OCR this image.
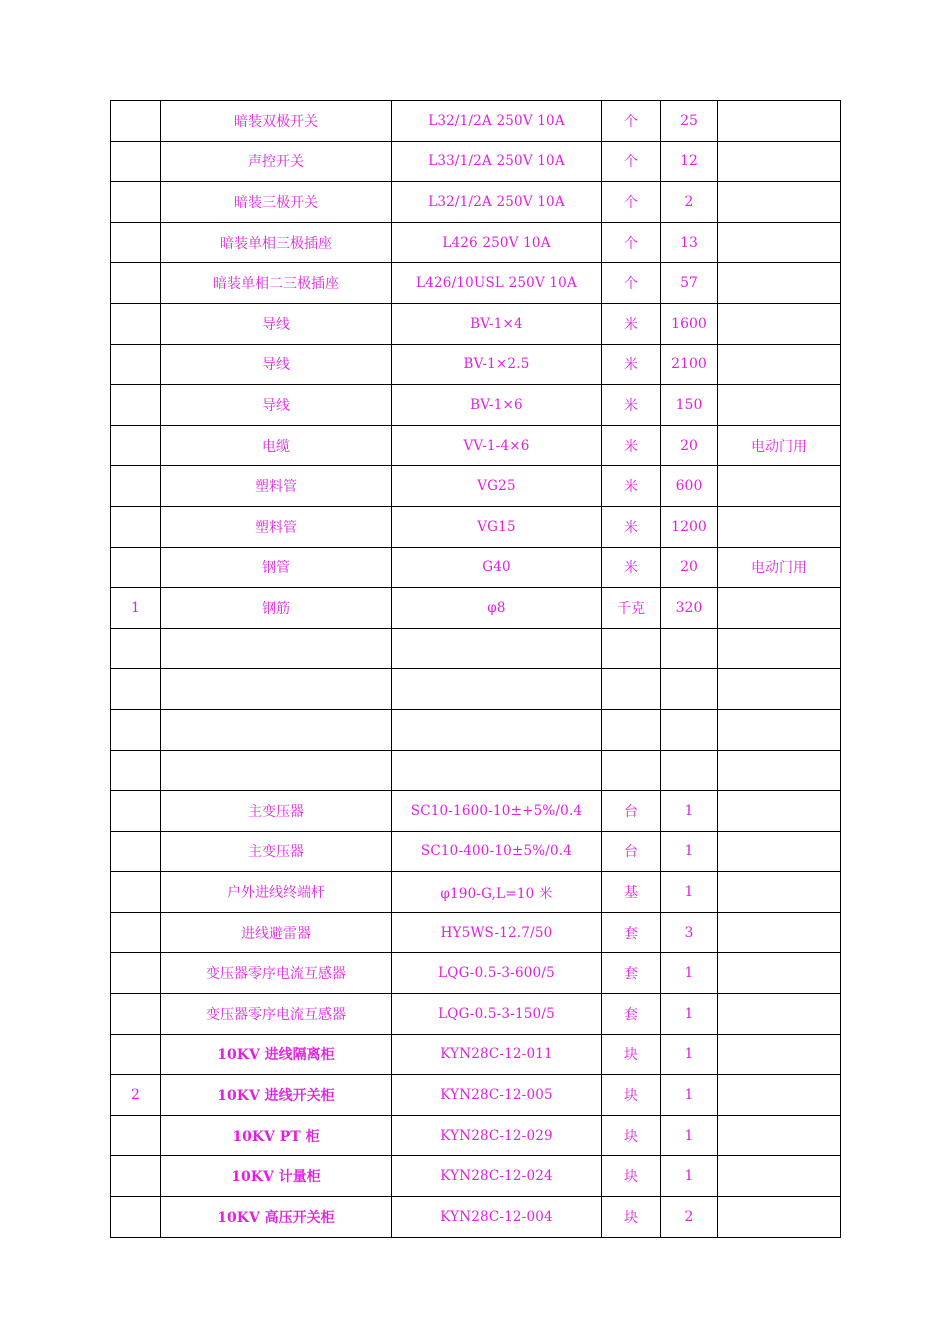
	暗装双极开关	L32/1/2A 250V 10A	个	25	
	声控开关	L33/1/2A 250V 10A	个	12	
	暗装三极开关	L32/1/2A 250V 10A	个	2	
	暗装单相三极插座	L426 250V 10A	个	13	
	暗装单相二三极插座	L426/10USL 250V 10A	个	57	
	导线	BV-1×4	米	1600	
	导线	BV-1×2.5	米	2100	
	导线	BV-1×6	米	150	
	电缆	VV-1-4×6	米	20	电动门用
	塑料管	VG25	米	600	
	塑料管	VG15	米	1200	
	钢管	G40	米	20	电动门用
1	钢筋	φ8	千克	320	

	主变压器	SC10-1600-10±+5%/0.4	台	1	
	主变压器	SC10-400-10±5%/0.4	台	1	
	户外进线终端杆	φ190-G,L=10 米	基	1	
	进线避雷器	HY5WS-12.7/50	套	3	
	变压器零序电流互感器	LQG-0.5-3-600/5	套	1	
	变压器零序电流互感器	LQG-0.5-3-150/5	套	1	
	10KV 进线隔离柜	KYN28C-12-011	块	1	
2	10KV 进线开关柜	KYN28C-12-005	块	1	
	10KV PT 柜	KYN28C-12-029	块	1	
	10KV 计量柜	KYN28C-12-024	块	1	
	10KV 高压开关柜	KYN28C-12-004	块	2	
